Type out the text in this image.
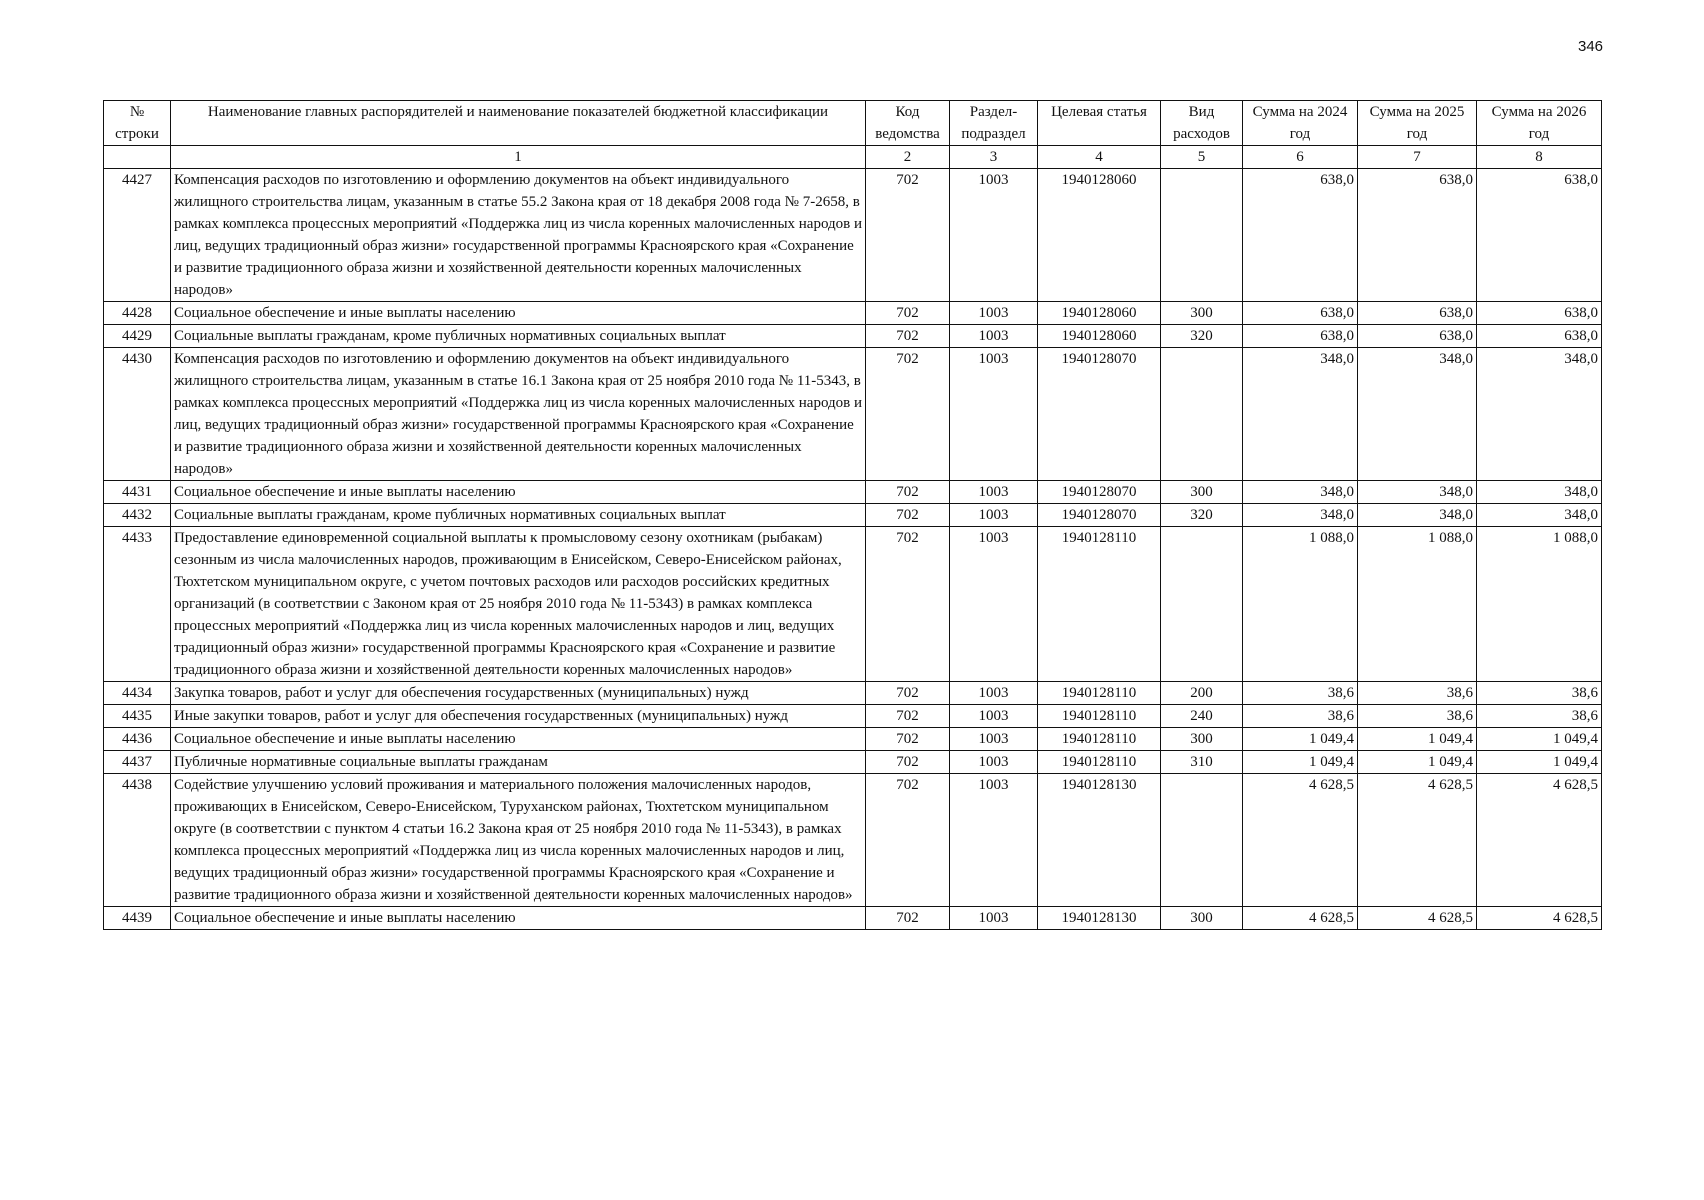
346
№ строки	Наименование главных распорядителей и наименование показателей бюджетной классификации	Код ведомства	Раздел-подраздел	Целевая статья	Вид расходов	Сумма на 2024 год	Сумма на 2025 год	Сумма на 2026 год
	1	2	3	4	5	6	7	8
4427	Компенсация расходов по изготовлению и оформлению документов на объект индивидуального жилищного строительства лицам, указанным в статье 55.2 Закона края от 18 декабря 2008 года № 7-2658, в рамках комплекса процессных мероприятий «Поддержка лиц из числа коренных малочисленных народов и лиц, ведущих традиционный образ жизни» государственной программы Красноярского края «Сохранение и развитие традиционного образа жизни и хозяйственной деятельности коренных малочисленных народов»	702	1003	1940128060		638,0	638,0	638,0
4428	Социальное обеспечение и иные выплаты населению	702	1003	1940128060	300	638,0	638,0	638,0
4429	Социальные выплаты гражданам, кроме публичных нормативных социальных выплат	702	1003	1940128060	320	638,0	638,0	638,0
4430	Компенсация расходов по изготовлению и оформлению документов на объект индивидуального жилищного строительства лицам, указанным в статье 16.1 Закона края от 25 ноября 2010 года № 11-5343, в рамках комплекса процессных мероприятий «Поддержка лиц из числа коренных малочисленных народов и лиц, ведущих традиционный образ жизни» государственной программы Красноярского края «Сохранение и развитие традиционного образа жизни и хозяйственной деятельности коренных малочисленных народов»	702	1003	1940128070		348,0	348,0	348,0
4431	Социальное обеспечение и иные выплаты населению	702	1003	1940128070	300	348,0	348,0	348,0
4432	Социальные выплаты гражданам, кроме публичных нормативных социальных выплат	702	1003	1940128070	320	348,0	348,0	348,0
4433	Предоставление единовременной социальной выплаты к промысловому сезону охотникам (рыбакам) сезонным из числа малочисленных народов, проживающим в Енисейском, Северо-Енисейском районах, Тюхтетском муниципальном округе, с учетом почтовых расходов или расходов российских кредитных организаций (в соответствии с Законом края от 25 ноября 2010 года № 11-5343) в рамках комплекса процессных мероприятий «Поддержка лиц из числа коренных малочисленных народов и лиц, ведущих традиционный образ жизни» государственной программы Красноярского края «Сохранение и развитие традиционного образа жизни и хозяйственной деятельности коренных малочисленных народов»	702	1003	1940128110		1 088,0	1 088,0	1 088,0
4434	Закупка товаров, работ и услуг для обеспечения государственных (муниципальных) нужд	702	1003	1940128110	200	38,6	38,6	38,6
4435	Иные закупки товаров, работ и услуг для обеспечения государственных (муниципальных) нужд	702	1003	1940128110	240	38,6	38,6	38,6
4436	Социальное обеспечение и иные выплаты населению	702	1003	1940128110	300	1 049,4	1 049,4	1 049,4
4437	Публичные нормативные социальные выплаты гражданам	702	1003	1940128110	310	1 049,4	1 049,4	1 049,4
4438	Содействие улучшению условий проживания и материального положения малочисленных народов, проживающих в Енисейском, Северо-Енисейском, Туруханском районах, Тюхтетском муниципальном округе (в соответствии с пунктом 4 статьи 16.2 Закона края от 25 ноября 2010 года № 11-5343), в рамках комплекса процессных мероприятий «Поддержка лиц из числа коренных малочисленных народов и лиц, ведущих традиционный образ жизни» государственной программы Красноярского края «Сохранение и развитие традиционного образа жизни и хозяйственной деятельности коренных малочисленных народов»	702	1003	1940128130		4 628,5	4 628,5	4 628,5
4439	Социальное обеспечение и иные выплаты населению	702	1003	1940128130	300	4 628,5	4 628,5	4 628,5
